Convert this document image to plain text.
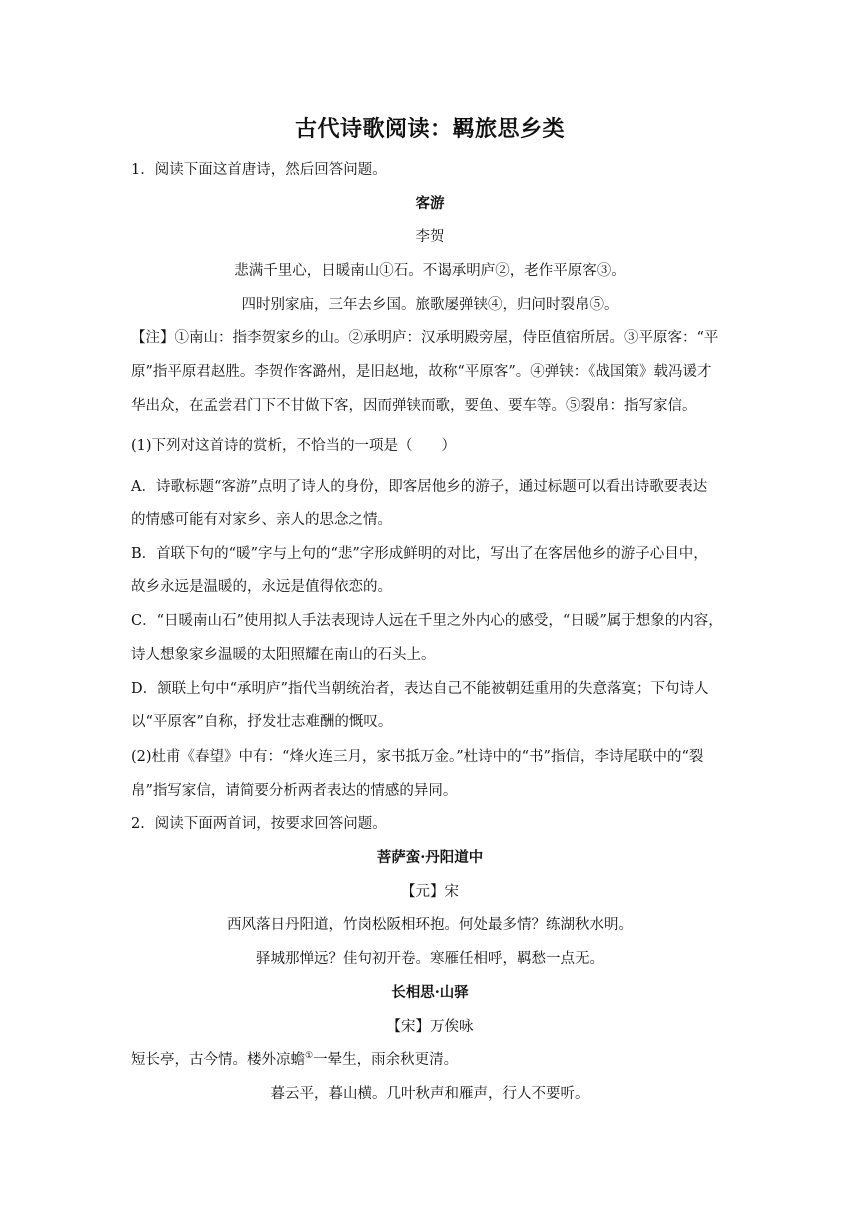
古代诗歌阅读：羁旅思乡类
1．阅读下面这首唐诗，然后回答问题。
客游
李贺
悲满千里心，日暖南山①石。不谒承明庐②，老作平原客③。
四时别家庙，三年去乡国。旅歌屡弹铗④，归问时裂帛⑤。
【注】①南山：指李贺家乡的山。②承明庐：汉承明殿旁屋，侍臣值宿所居。③平原客：“平
原”指平原君赵胜。李贺作客潞州，是旧赵地，故称“平原客”。④弹铗：《战国策》载冯谖才
华出众，在孟尝君门下不甘做下客，因而弹铗而歌，要鱼、要车等。⑤裂帛：指写家信。
(1)下列对这首诗的赏析，不恰当的一项是（　　）
A．诗歌标题“客游”点明了诗人的身份，即客居他乡的游子，通过标题可以看出诗歌要表达
的情感可能有对家乡、亲人的思念之情。
B．首联下句的“暖”字与上句的“悲”字形成鲜明的对比，写出了在客居他乡的游子心目中，
故乡永远是温暖的，永远是值得依恋的。
C．“日暖南山石”使用拟人手法表现诗人远在千里之外内心的感受，“日暖”属于想象的内容，
诗人想象家乡温暖的太阳照耀在南山的石头上。
D．颔联上句中“承明庐”指代当朝统治者，表达自己不能被朝廷重用的失意落寞；下句诗人
以“平原客”自称，抒发壮志难酬的慨叹。
(2)杜甫《春望》中有：“烽火连三月，家书抵万金。”杜诗中的“书”指信，李诗尾联中的“裂
帛”指写家信，请简要分析两者表达的情感的异同。
2．阅读下面两首词，按要求回答问题。
菩萨蛮·丹阳道中
【元】宋
西风落日丹阳道，竹岗松阪相环抱。何处最多情？练湖秋水明。
驿城那惮远？佳句初开卷。寒雁任相呼，羁愁一点无。
长相思·山驿
【宋】万俟咏
短长亭，古今情。楼外凉蟾①一晕生，雨余秋更清。
暮云平，暮山横。几叶秋声和雁声，行人不要听。
